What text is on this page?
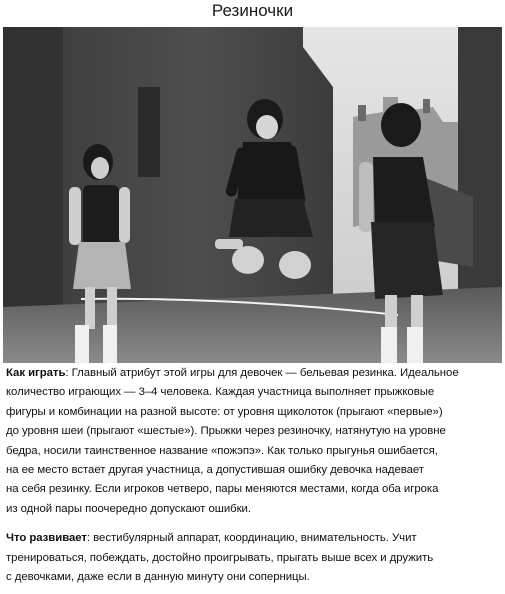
Резиночки

Как играть: Главный атрибут этой игры для девочек — бельевая резинка. Идеальное
количество играющих — 3–4 человека. Каждая участница выполняет прыжковые
фигуры и комбинации на разной высоте: от уровня щиколоток (прыгают «первые»)
до уровня шеи (прыгают «шестые»). Прыжки через резиночку, натянутую на уровне
бедра, носили таинственное название «пожэпэ». Как только прыгунья ошибается,
на ее место встает другая участница, а допустившая ошибку девочка надевает
на себя резинку. Если игроков четверо, пары меняются местами, когда оба игрока
из одной пары поочередно допускают ошибки.

Что развивает: вестибулярный аппарат, координацию, внимательность. Учит
тренироваться, побеждать, достойно проигрывать, прыгать выше всех и дружить
с девочками, даже если в данную минуту они соперницы.
